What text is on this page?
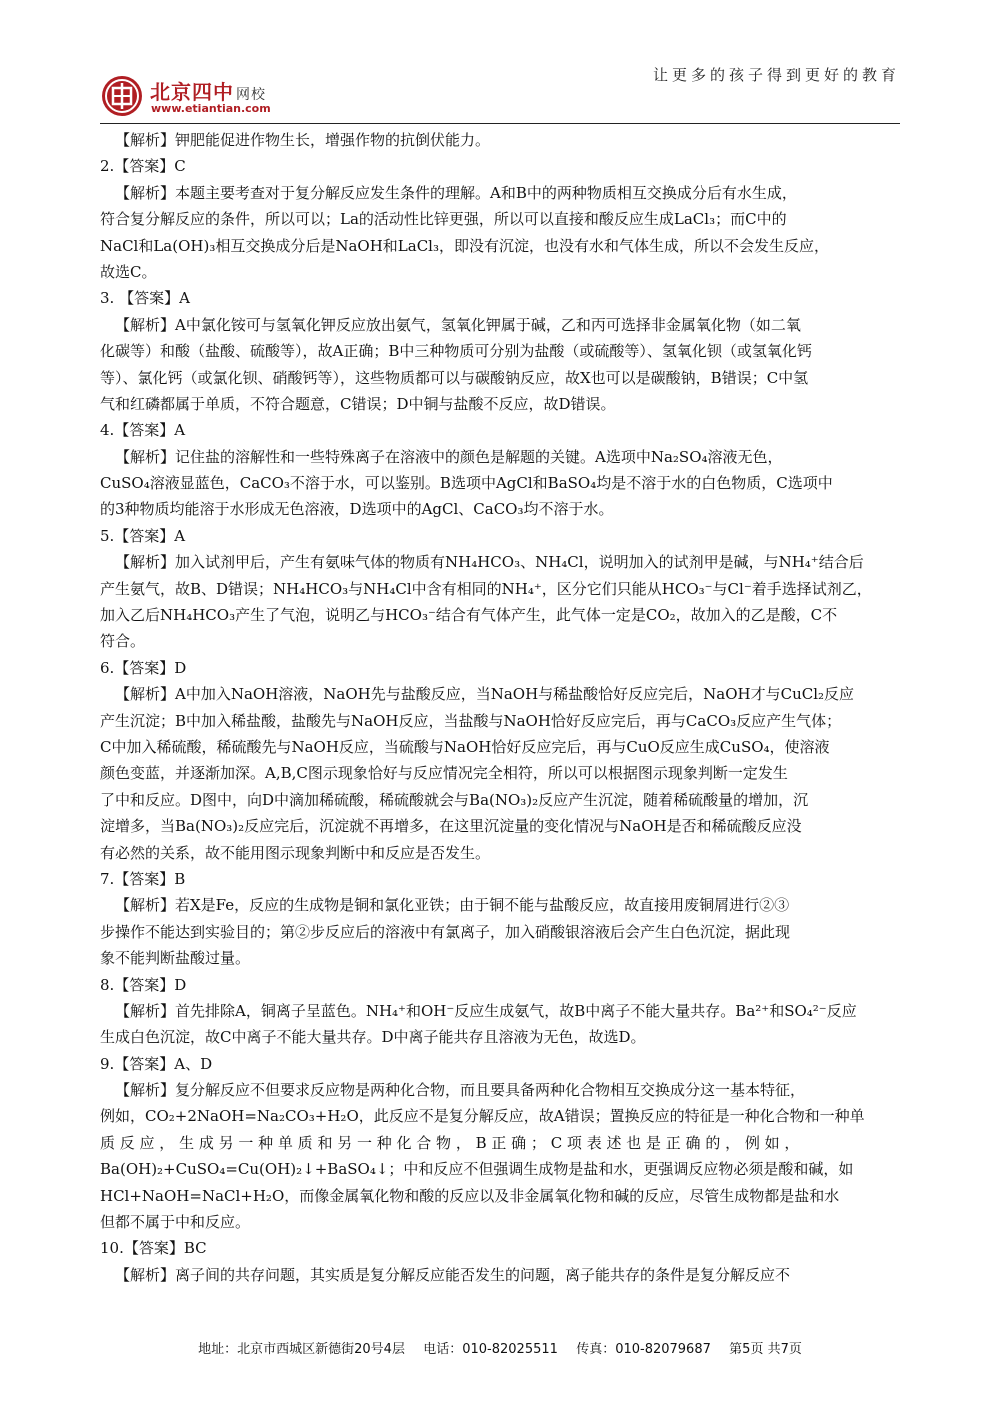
北京四中 网校
www.etiantian.com
让更多的孩子得到更好的教育
【解析】钾肥能促进作物生长，增强作物的抗倒伏能力。
2.【答案】C
【解析】本题主要考查对于复分解反应发生条件的理解。A和B中的两种物质相互交换成分后有水生成，
符合复分解反应的条件，所以可以；La的活动性比锌更强，所以可以直接和酸反应生成LaCl₃；而C中的
NaCl和La(OH)₃相互交换成分后是NaOH和LaCl₃，即没有沉淀，也没有水和气体生成，所以不会发生反应，
故选C。
3. 【答案】A
【解析】A中氯化铵可与氢氧化钾反应放出氨气，氢氧化钾属于碱，乙和丙可选择非金属氧化物（如二氧
化碳等）和酸（盐酸、硫酸等），故A正确；B中三种物质可分别为盐酸（或硫酸等）、氢氧化钡（或氢氧化钙
等）、氯化钙（或氯化钡、硝酸钙等），这些物质都可以与碳酸钠反应，故X也可以是碳酸钠，B错误；C中氢
气和红磷都属于单质，不符合题意，C错误；D中铜与盐酸不反应，故D错误。
4.【答案】A
【解析】记住盐的溶解性和一些特殊离子在溶液中的颜色是解题的关键。A选项中Na₂SO₄溶液无色，
CuSO₄溶液显蓝色，CaCO₃不溶于水，可以鉴别。B选项中AgCl和BaSO₄均是不溶于水的白色物质，C选项中
的3种物质均能溶于水形成无色溶液，D选项中的AgCl、CaCO₃均不溶于水。
5.【答案】A
【解析】加入试剂甲后，产生有氨味气体的物质有NH₄HCO₃、NH₄Cl，说明加入的试剂甲是碱，与NH₄⁺结合后
产生氨气，故B、D错误；NH₄HCO₃与NH₄Cl中含有相同的NH₄⁺，区分它们只能从HCO₃⁻与Cl⁻着手选择试剂乙，
加入乙后NH₄HCO₃产生了气泡，说明乙与HCO₃⁻结合有气体产生，此气体一定是CO₂，故加入的乙是酸，C不
符合。
6.【答案】D
【解析】A中加入NaOH溶液，NaOH先与盐酸反应，当NaOH与稀盐酸恰好反应完后，NaOH才与CuCl₂反应
产生沉淀；B中加入稀盐酸，盐酸先与NaOH反应，当盐酸与NaOH恰好反应完后，再与CaCO₃反应产生气体；
C中加入稀硫酸，稀硫酸先与NaOH反应，当硫酸与NaOH恰好反应完后，再与CuO反应生成CuSO₄，使溶液
颜色变蓝，并逐渐加深。A,B,C图示现象恰好与反应情况完全相符，所以可以根据图示现象判断一定发生
了中和反应。D图中，向D中滴加稀硫酸，稀硫酸就会与Ba(NO₃)₂反应产生沉淀，随着稀硫酸量的增加，沉
淀增多，当Ba(NO₃)₂反应完后，沉淀就不再增多，在这里沉淀量的变化情况与NaOH是否和稀硫酸反应没
有必然的关系，故不能用图示现象判断中和反应是否发生。
7.【答案】B
【解析】若X是Fe，反应的生成物是铜和氯化亚铁；由于铜不能与盐酸反应，故直接用废铜屑进行②③
步操作不能达到实验目的；第②步反应后的溶液中有氯离子，加入硝酸银溶液后会产生白色沉淀，据此现
象不能判断盐酸过量。
8.【答案】D
【解析】首先排除A，铜离子呈蓝色。NH₄⁺和OH⁻反应生成氨气，故B中离子不能大量共存。Ba²⁺和SO₄²⁻反应
生成白色沉淀，故C中离子不能大量共存。D中离子能共存且溶液为无色，故选D。
9.【答案】A、D
【解析】复分解反应不但要求反应物是两种化合物，而且要具备两种化合物相互交换成分这一基本特征，
例如，CO₂+2NaOH=Na₂CO₃+H₂O，此反应不是复分解反应，故A错误；置换反应的特征是一种化合物和一种单
质 反 应 ， 生 成 另 一 种 单 质 和 另 一 种 化 合 物 ， B 正 确 ； C 项 表 述 也 是 正 确 的 ， 例 如 ，
Ba(OH)₂+CuSO₄=Cu(OH)₂↓+BaSO₄↓；中和反应不但强调生成物是盐和水，更强调反应物必须是酸和碱，如
HCl+NaOH=NaCl+H₂O，而像金属氧化物和酸的反应以及非金属氧化物和碱的反应，尽管生成物都是盐和水
但都不属于中和反应。
10.【答案】BC
【解析】离子间的共存问题，其实质是复分解反应能否发生的问题，离子能共存的条件是复分解反应不
地址：北京市西城区新德街20号4层 电话：010-82025511 传真：010-82079687 第5页 共7页
